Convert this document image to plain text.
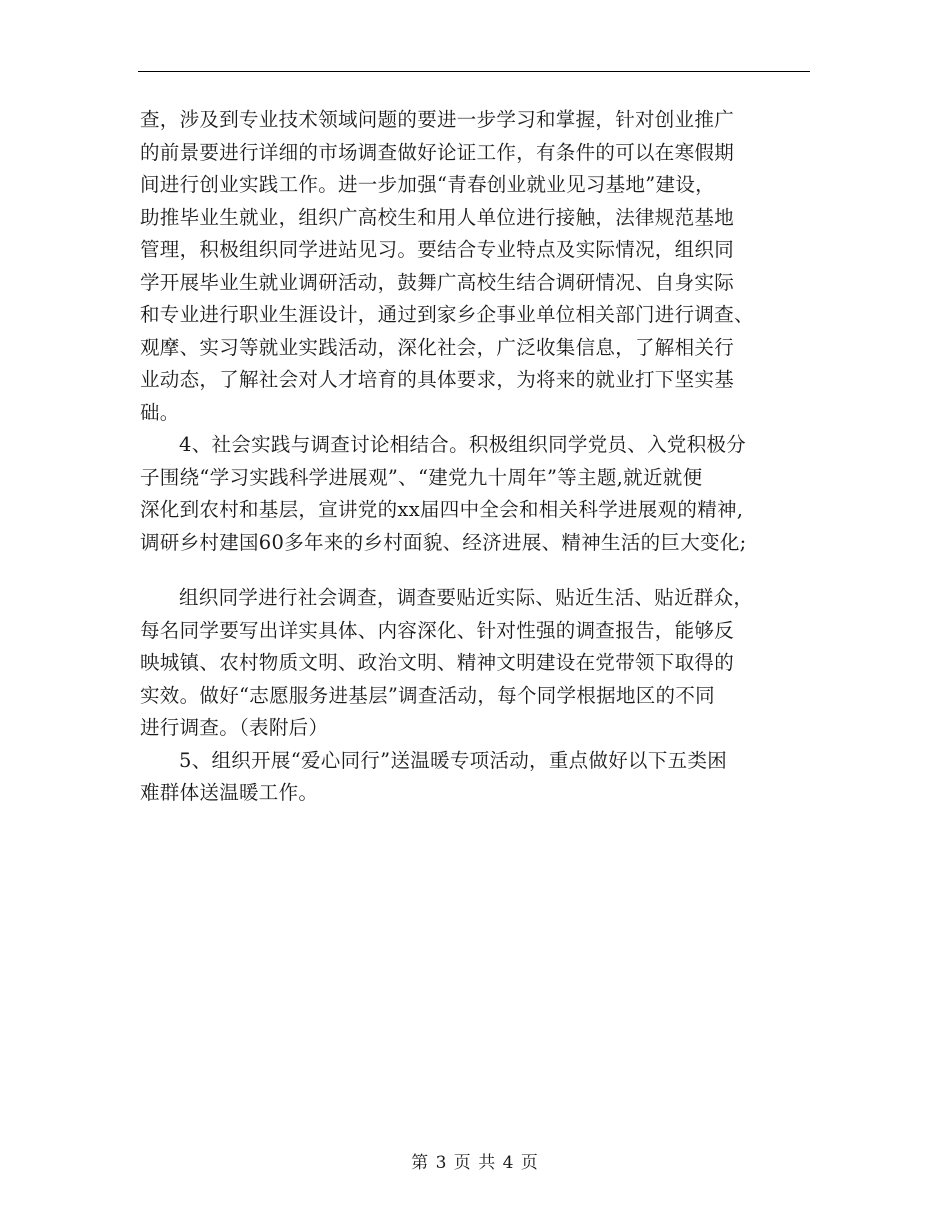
查，涉及到专业技术领域问题的要进一步学习和掌握，针对创业推广
的前景要进行详细的市场调查做好论证工作，有条件的可以在寒假期
间进行创业实践工作。进一步加强“青春创业就业见习基地”建设，
助推毕业生就业，组织广高校生和用人单位进行接触，法律规范基地
管理，积极组织同学进站见习。要结合专业特点及实际情况，组织同
学开展毕业生就业调研活动，鼓舞广高校生结合调研情况、自身实际
和专业进行职业生涯设计，通过到家乡企事业单位相关部门进行调查、
观摩、实习等就业实践活动，深化社会，广泛收集信息，了解相关行
业动态，了解社会对人才培育的具体要求，为将来的就业打下坚实基
础。
4、社会实践与调查讨论相结合。积极组织同学党员、入党积极分
子围绕“学习实践科学进展观”、“建党九十周年”等主题,就近就便
深化到农村和基层，宣讲党的xx届四中全会和相关科学进展观的精神,
调研乡村建国60多年来的乡村面貌、经济进展、精神生活的巨大变化;
组织同学进行社会调查，调查要贴近实际、贴近生活、贴近群众，
每名同学要写出详实具体、内容深化、针对性强的调查报告，能够反
映城镇、农村物质文明、政治文明、精神文明建设在党带领下取得的
实效。做好“志愿服务进基层”调查活动，每个同学根据地区的不同
进行调查。（表附后）
5、组织开展“爱心同行”送温暖专项活动，重点做好以下五类困
难群体送温暖工作。
第 3 页 共 4 页
